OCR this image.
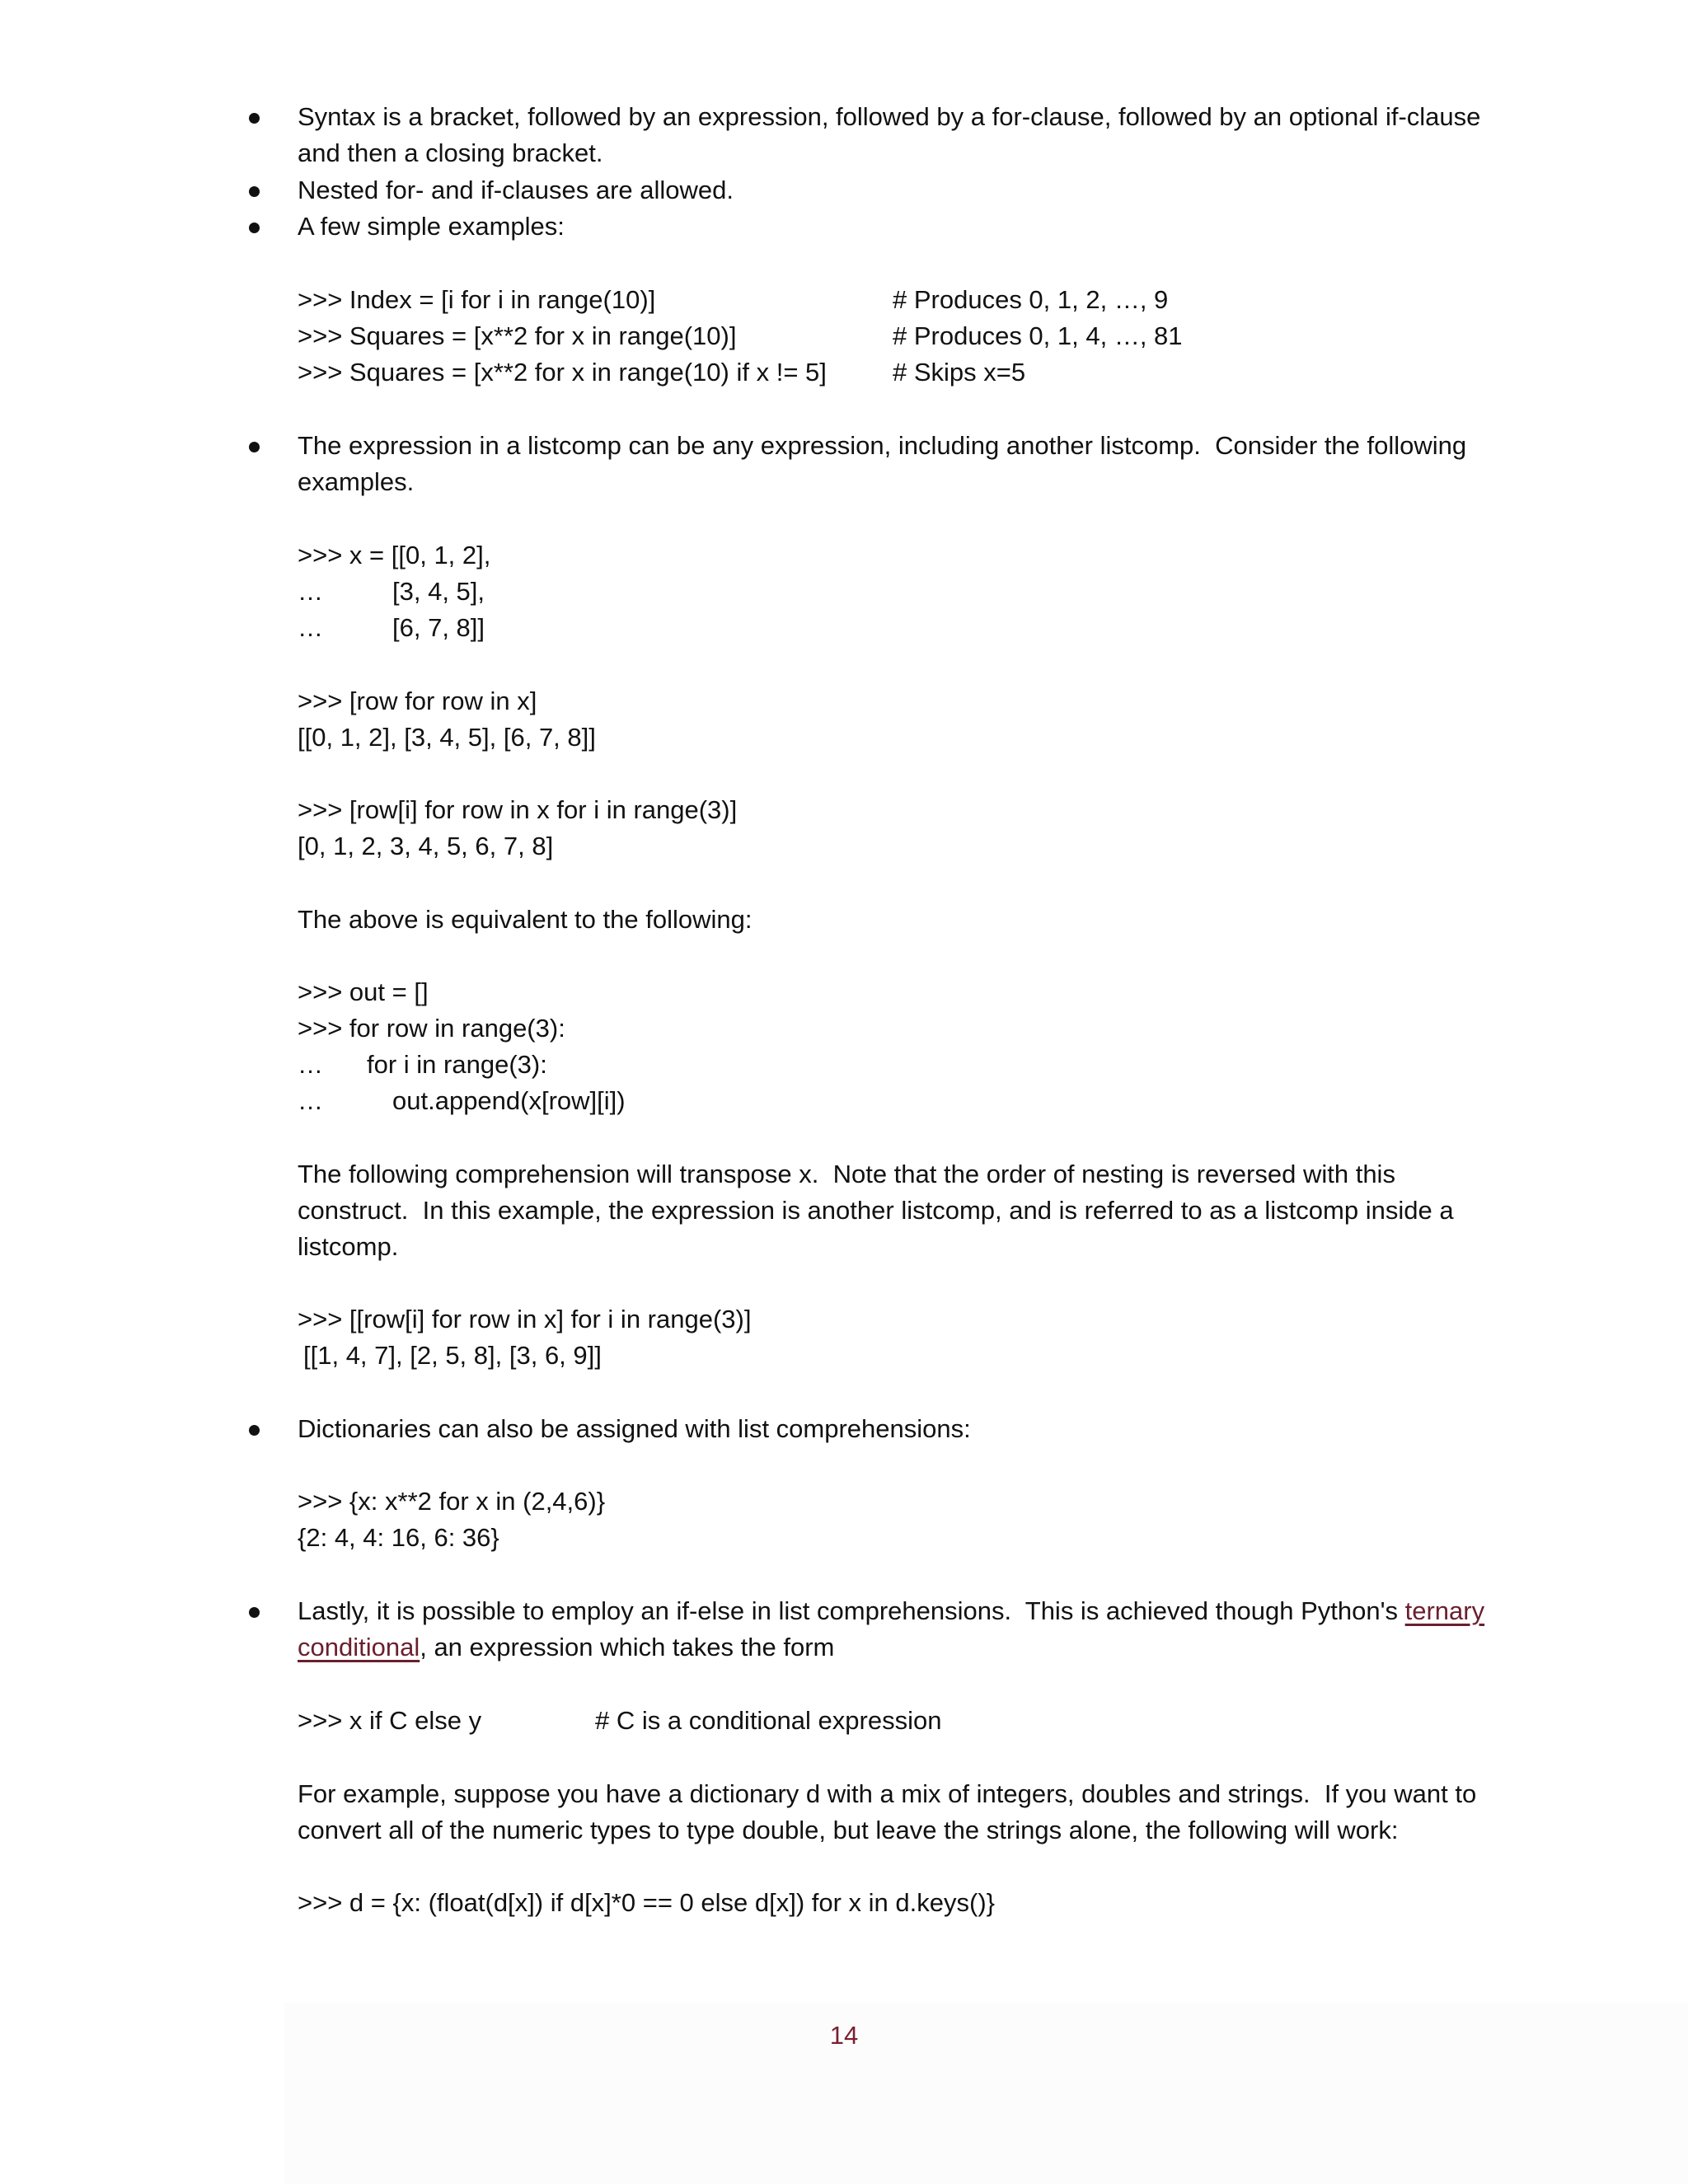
Syntax is a bracket, followed by an expression, followed by a for-clause, followed by an optional if-clause
and then a closing bracket.
Nested for- and if-clauses are allowed.
A few simple examples:
>>> Index = [i for i in range(10)]	# Produces 0, 1, 2, …, 9
>>> Squares = [x**2 for x in range(10)]	# Produces 0, 1, 4, …, 81
>>> Squares = [x**2 for x in range(10) if x != 5]	# Skips x=5
The expression in a listcomp can be any expression, including another listcomp.  Consider the following
examples.
>>> x = [[0, 1, 2],
…	[3, 4, 5],
…	[6, 7, 8]]
>>> [row for row in x]
[[0, 1, 2], [3, 4, 5], [6, 7, 8]]
>>> [row[i] for row in x for i in range(3)]
[0, 1, 2, 3, 4, 5, 6, 7, 8]
The above is equivalent to the following:
>>> out = []
>>> for row in range(3):
… for i in range(3):
…	out.append(x[row][i])
The following comprehension will transpose x.  Note that the order of nesting is reversed with this
construct.  In this example, the expression is another listcomp, and is referred to as a listcomp inside a
listcomp.
>>> [[row[i] for row in x] for i in range(3)]
[[1, 4, 7], [2, 5, 8], [3, 6, 9]]
Dictionaries can also be assigned with list comprehensions:
>>> {x: x**2 for x in (2,4,6)}
{2: 4, 4: 16, 6: 36}
Lastly, it is possible to employ an if-else in list comprehensions.  This is achieved though Python's ternary
conditional, an expression which takes the form
>>> x if C else y	# C is a conditional expression
For example, suppose you have a dictionary d with a mix of integers, doubles and strings.  If you want to
convert all of the numeric types to type double, but leave the strings alone, the following will work:
>>> d = {x: (float(d[x]) if d[x]*0 == 0 else d[x]) for x in d.keys()}
14
